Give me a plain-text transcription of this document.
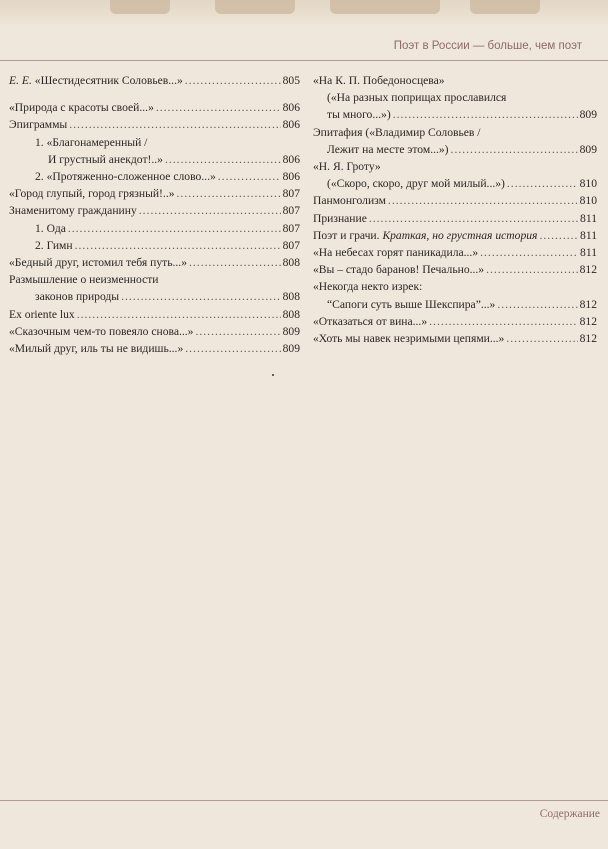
Поэт в России — больше, чем поэт
Е. Е.
«Шестидесятник Соловьев...» .....	805
«Природа с красоты своей...» .....	806
Эпиграммы .....	806
1. «Благонамеренный /
И грустный анекдот!..» .....	806
2. «Протяженно-сложенное слово...» .....	806
«Город глупый, город грязный!..» .....	807
Знаменитому гражданину .....	807
1. Ода .....	807
2. Гимн .....	807
«Бедный друг, истомил тебя путь...» .....	808
Размышление о неизменности
законов природы .....	808
Ex oriente lux .....	808
«Сказочным чем-то повеяло снова...» .....	809
«Милый друг, иль ты не видишь...» .....	809
«На К. П. Победоносцева»
(«На разных поприщах прославился
ты много...») .....	809
Эпитафия («Владимир Соловьев /
Лежит на месте этом...») .....	809
«Н. Я. Гроту»
(«Скоро, скоро, друг мой милый...») .....	810
Панмонголизм .....	810
Признание .....	811
Поэт и грачи.
Краткая, но грустная история .....	811
«На небесах горят паникадила...» .....	811
«Вы – стадо баранов! Печально...» .....	812
«Некогда некто изрек:
“Сапоги суть выше Шекспира”...» .....	812
«Отказаться от вина...» .....	812
«Хоть мы навек незримыми цепями...» .....	812
Содержание
